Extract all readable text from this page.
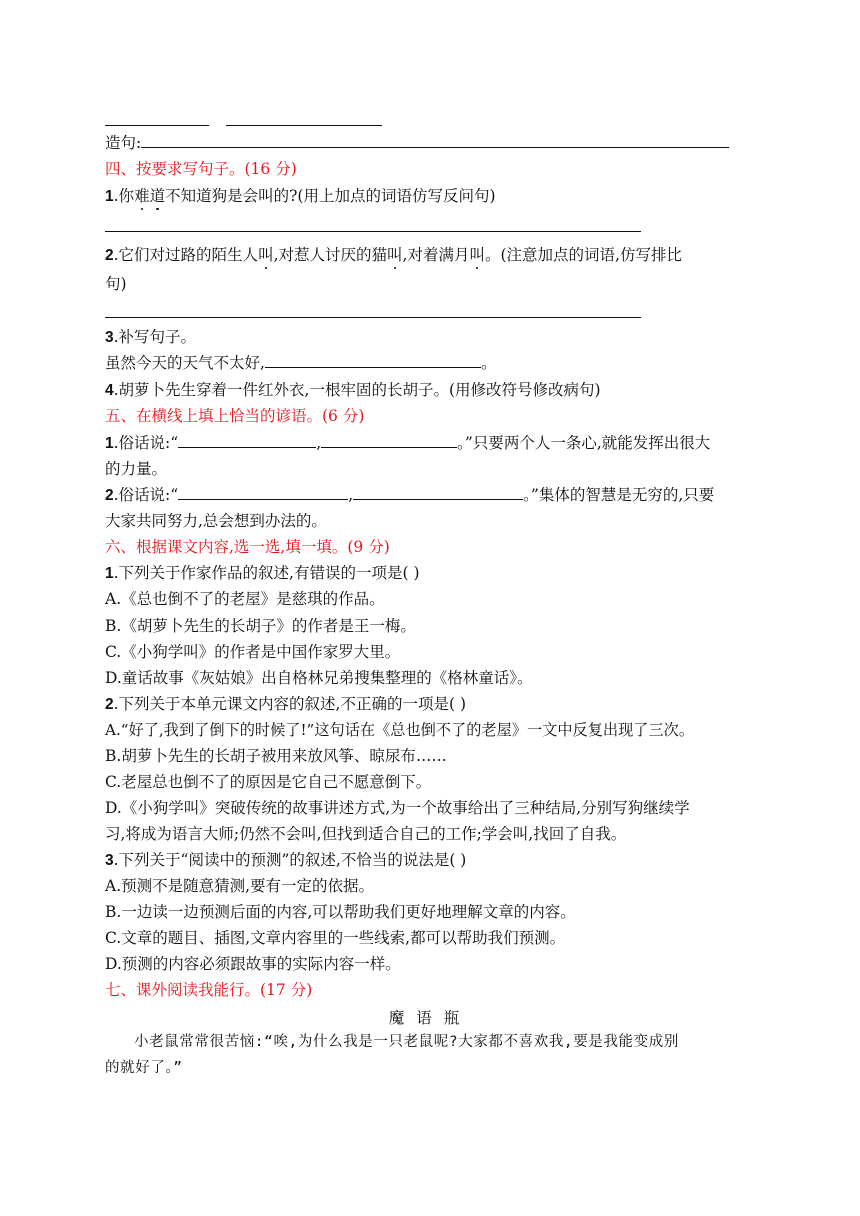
造句:
四、按要求写句子。(16 分)
1.你难道不知道狗是会叫的?(用上加点的词语仿写反问句)
2.它们对过路的陌生人叫,对惹人讨厌的猫叫,对着满月叫。(注意加点的词语,仿写排比
句)
3.补写句子。
虽然今天的天气不太好,	。
4.胡萝卜先生穿着一件红外衣,一根牢固的长胡子。(用修改符号修改病句)
五、在横线上填上恰当的谚语。(6 分)
1.俗话说:“	,	。”只要两个人一条心,就能发挥出很大
的力量。
2.俗话说:“	,	。”集体的智慧是无穷的,只要
大家共同努力,总会想到办法的。
六、根据课文内容,选一选,填一填。(9 分)
1.下列关于作家作品的叙述,有错误的一项是( )
A.《总也倒不了的老屋》是慈琪的作品。
B.《胡萝卜先生的长胡子》的作者是王一梅。
C.《小狗学叫》的作者是中国作家罗大里。
D.童话故事《灰姑娘》出自格林兄弟搜集整理的《格林童话》。
2.下列关于本单元课文内容的叙述,不正确的一项是( )
A.“好了,我到了倒下的时候了!”这句话在《总也倒不了的老屋》一文中反复出现了三次。
B.胡萝卜先生的长胡子被用来放风筝、晾尿布……
C.老屋总也倒不了的原因是它自己不愿意倒下。
D.《小狗学叫》突破传统的故事讲述方式,为一个故事给出了三种结局,分别写狗继续学
习,将成为语言大师;仍然不会叫,但找到适合自己的工作;学会叫,找回了自我。
3.下列关于“阅读中的预测”的叙述,不恰当的说法是( )
A.预测不是随意猜测,要有一定的依据。
B.一边读一边预测后面的内容,可以帮助我们更好地理解文章的内容。
C.文章的题目、插图,文章内容里的一些线索,都可以帮助我们预测。
D.预测的内容必须跟故事的实际内容一样。
七、课外阅读我能行。(17 分)
魔语瓶
小老鼠常常很苦恼:“唉,为什么我是一只老鼠呢?大家都不喜欢我,要是我能变成别
的就好了。”
